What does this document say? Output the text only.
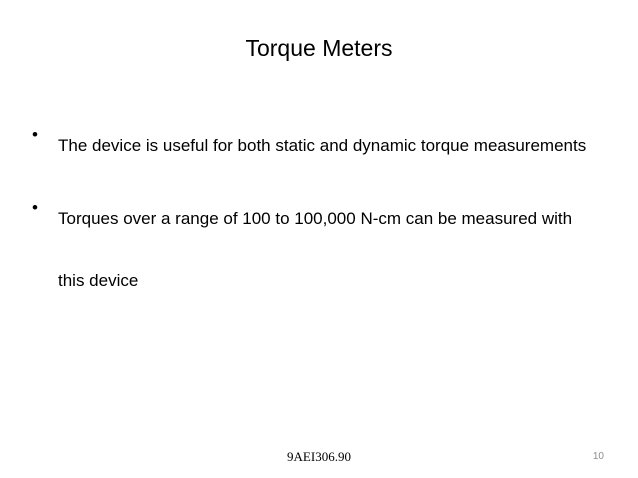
Torque Meters
•
The device is useful for both static and dynamic torque measurements
•
Torques over a range of 100 to 100,000 N-cm can be measured with this device
9AEI306.90	10
